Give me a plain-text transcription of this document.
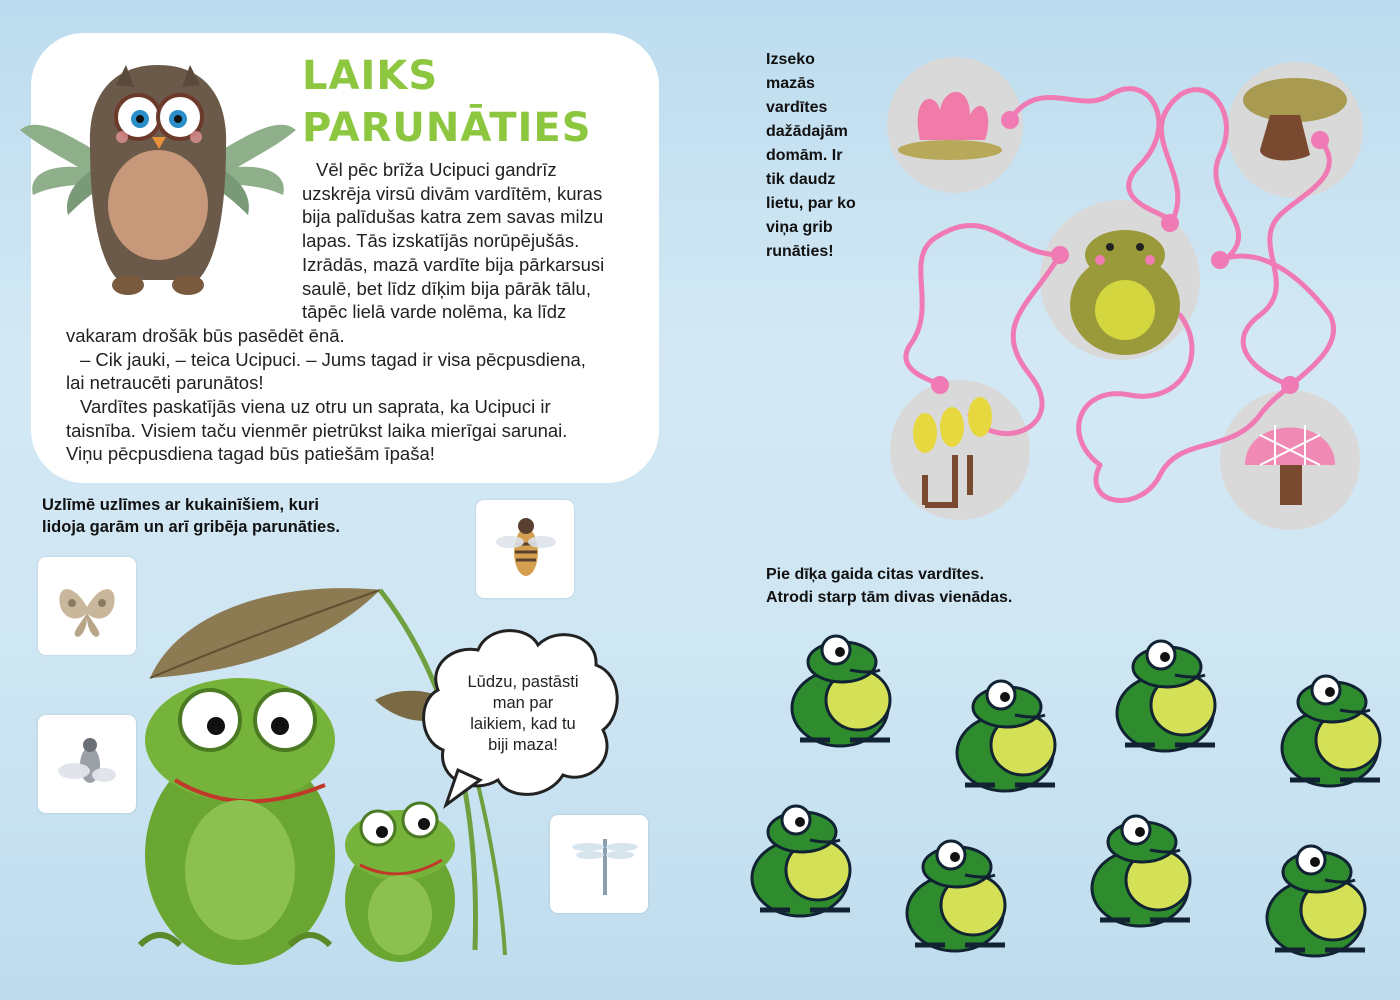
LAIKS
PARUNĀTIES

Vēl pēc brīža Ucipuci gandrīz

uzskrēja virsū divām vardītēm, kuras

bija palīdušas katra zem savas milzu

lapas. Tās izskatījās norūpējušās.

Izrādās, mazā vardīte bija pārkarsusi

saulē, bet līdz dīķim bija pārāk tālu,

tāpēc lielā varde nolēma, ka līdz

vakaram drošāk būs pasēdēt ēnā.

– Cik jauki, – teica Ucipuci. – Jums tagad ir visa pēcpusdiena,

lai netraucēti parunātos!

Vardītes paskatījās viena uz otru un saprata, ka Ucipuci ir

taisnība. Visiem taču vienmēr pietrūkst laika mierīgai sarunai.

Viņu pēcpusdiena tagad būs patiešām īpaša!

Uzlīmē uzlīmes ar kukainīšiem, kuri
lidoja garām un arī gribēja parunāties.
Lūdzu, pastāsti
man par
laikiem, kad tu
biji maza!
Izseko
mazās
vardītes
dažādajām
domām. Ir
tik daudz
lietu, par ko
viņa grib
runāties!
Pie dīķa gaida citas vardītes.
Atrodi starp tām divas vienādas.
